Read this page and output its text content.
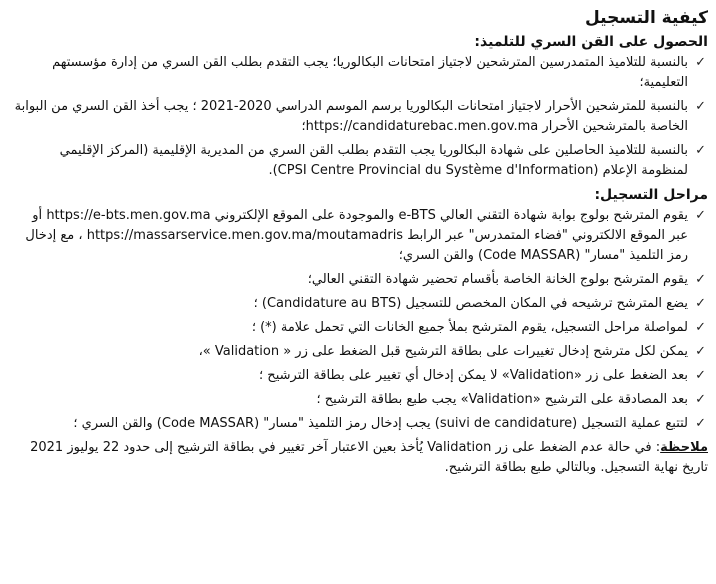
كيفية التسجيل
الحصول على القن السري للتلميذ:
✓
بالنسبة للتلاميذ المتمدرسين المترشحين لاجتياز امتحانات البكالوريا؛ يجب التقدم بطلب القن السري من إدارة مؤسستهم التعليمية؛
✓
بالنسبة للمترشحين الأحرار لاجتياز امتحانات البكالوريا برسم الموسم الدراسي 2020-2021 ؛ يجب أخذ القن السري من البوابة الخاصة بالمترشحين الأحرار https://candidaturebac.men.gov.ma؛
✓
بالنسبة للتلاميذ الحاصلين على شهادة البكالوريا يجب التقدم بطلب القن السري من المديرية الإقليمية (المركز الإقليمي لمنظومة الإعلام (CPSI Centre Provincial du Système d'Information).
مراحل التسجيل:
✓
يقوم المترشح بولوج بوابة شهادة التقني العالي e-BTS والموجودة على الموقع الإلكتروني https://e-bts.men.gov.ma أو عبر الموقع الالكتروني "فضاء المتمدرس" عبر الرابط https://massarservice.men.gov.ma/moutamadris ، مع إدخال رمز التلميذ "مسار" (Code MASSAR) والقن السري؛
✓
يقوم المترشح بولوج الخانة الخاصة بأقسام تحضير شهادة التقني العالي؛
✓
يضع المترشح ترشيحه في المكان المخصص للتسجيل (Candidature au BTS) ؛
✓
لمواصلة مراحل التسجيل، يقوم المترشح بملأ جميع الخانات التي تحمل علامة (*) ؛
✓
يمكن لكل مترشح إدخال تغييرات على بطاقة الترشيح قبل الضغط على زر « Validation »،
✓
بعد الضغط على زر «Validation» لا يمكن إدخال أي تغيير على بطاقة الترشيح ؛
✓
بعد المصادقة على الترشيح «Validation» يجب طبع بطاقة الترشيح ؛
✓
لتتبع عملية التسجيل (suivi de candidature) يجب إدخال رمز التلميذ "مسار" (Code MASSAR) والقن السري ؛
ملاحظة: في حالة عدم الضغط على زر Validation يُأخذ بعين الاعتبار آخر تغيير في بطاقة الترشيح إلى حدود 22 يوليوز 2021 تاريخ نهاية التسجيل. وبالتالي طبع بطاقة الترشيح.
